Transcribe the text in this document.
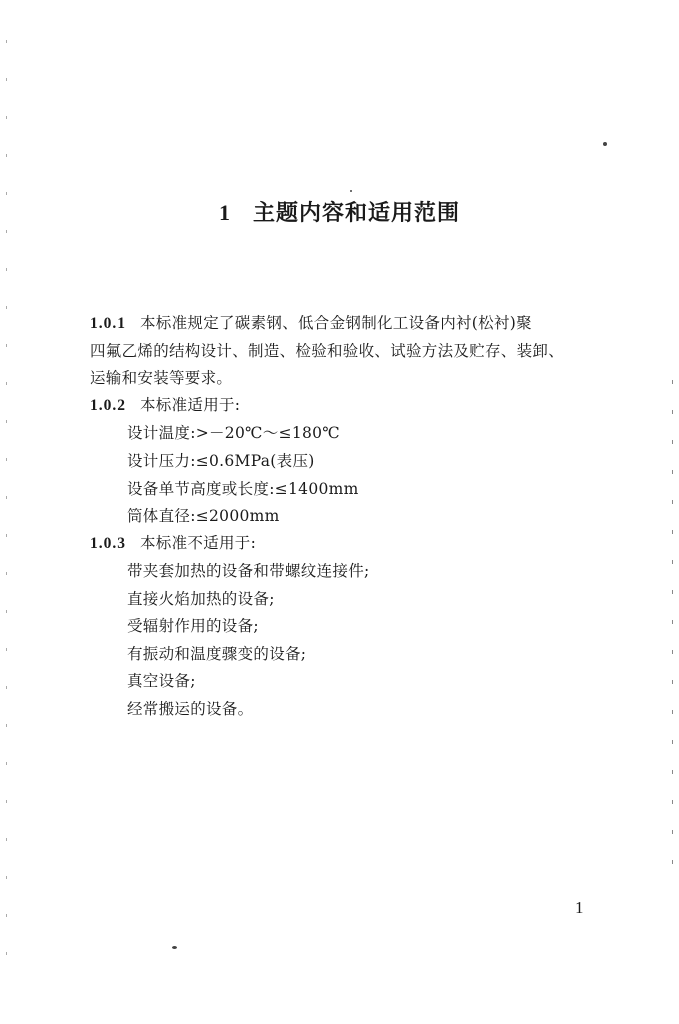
1 主题内容和适用范围
1.0.1 本标准规定了碳素钢、低合金钢制化工设备内衬(松衬)聚
四氟乙烯的结构设计、制造、检验和验收、试验方法及贮存、装卸、
运输和安装等要求。
1.0.2 本标准适用于:
设计温度:>－20℃～≤180℃
设计压力:≤0.6MPa(表压)
设备单节高度或长度:≤1400mm
筒体直径:≤2000mm
1.0.3 本标准不适用于:
带夹套加热的设备和带螺纹连接件;
直接火焰加热的设备;
受辐射作用的设备;
有振动和温度骤变的设备;
真空设备;
经常搬运的设备。
1
